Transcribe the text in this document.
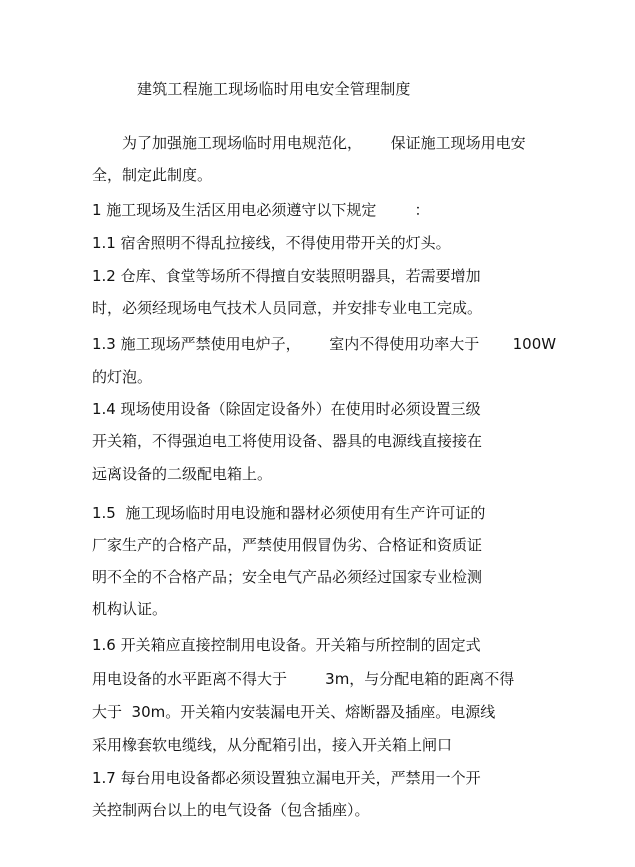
建筑工程施工现场临时用电安全管理制度
为了加强施工现场临时用电规范化，      保证施工现场用电安
全，制定此制度。
1 施工现场及生活区用电必须遵守以下规定        ：
1.1 宿舍照明不得乱拉接线，不得使用带开关的灯头。
1.2 仓库、食堂等场所不得擅自安装照明器具，若需要增加
时，必须经现场电气技术人员同意，并安排专业电工完成。
1.3 施工现场严禁使用电炉子，      室内不得使用功率大于       100W
的灯泡。
1.4 现场使用设备（除固定设备外）在使用时必须设置三级
开关箱，不得强迫电工将使用设备、器具的电源线直接接在
远离设备的二级配电箱上。
1.5  施工现场临时用电设施和器材必须使用有生产许可证的
厂家生产的合格产品，严禁使用假冒伪劣、合格证和资质证
明不全的不合格产品；安全电气产品必须经过国家专业检测
机构认证。
1.6 开关箱应直接控制用电设备。开关箱与所控制的固定式
用电设备的水平距离不得大于        3m，与分配电箱的距离不得
大于  30m。开关箱内安装漏电开关、熔断器及插座。电源线
采用橡套软电缆线，从分配箱引出，接入开关箱上闸口
1.7 每台用电设备都必须设置独立漏电开关，严禁用一个开
关控制两台以上的电气设备（包含插座）。
